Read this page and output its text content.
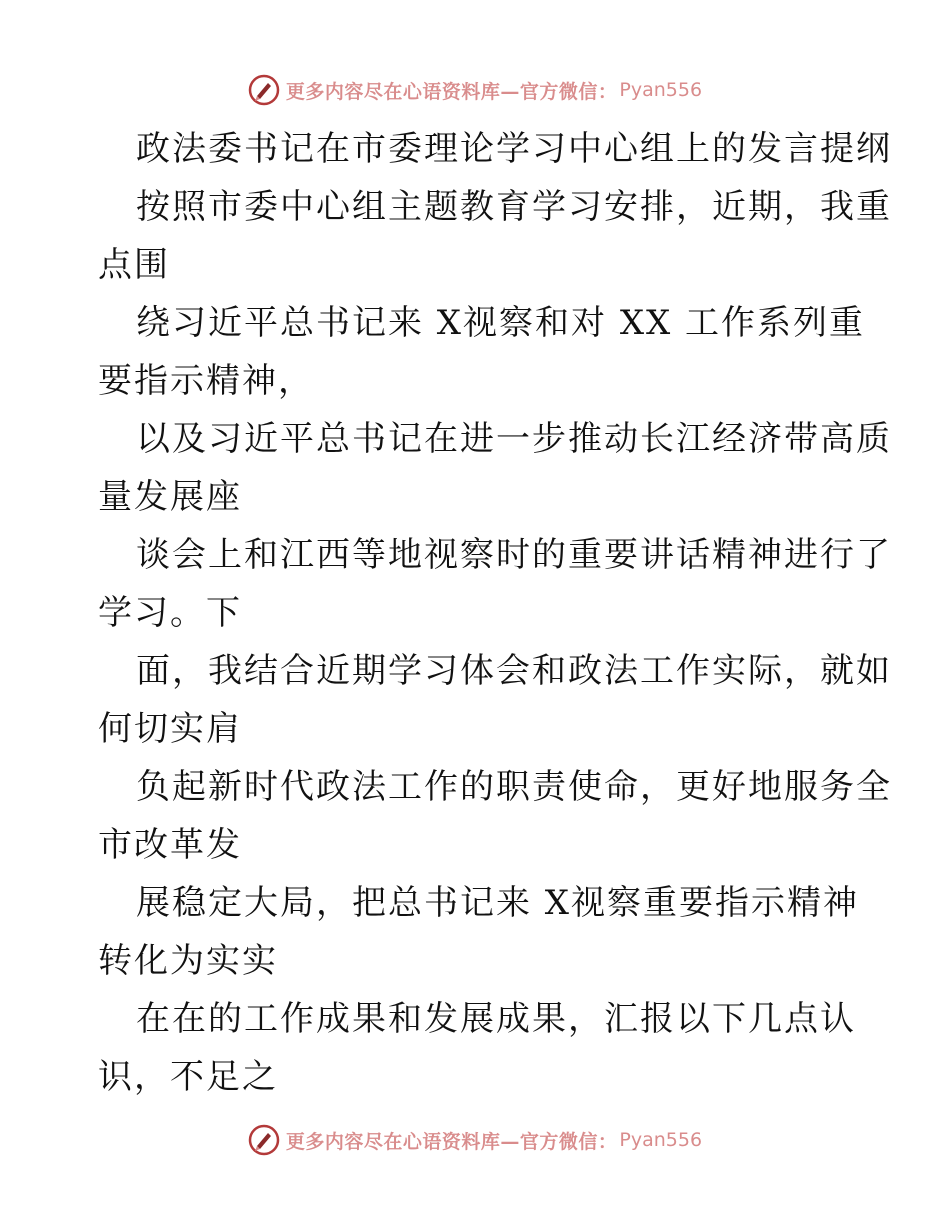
更多内容尽在心语资料库—官方微信： Pyan556
政法委书记在市委理论学习中心组上的发言提纲
按照市委中心组主题教育学习安排，近期，我重
点围
绕习近平总书记来 X视察和对 XX 工作系列重
要指示精神，
以及习近平总书记在进一步推动长江经济带高质
量发展座
谈会上和江西等地视察时的重要讲话精神进行了
学习。下
面，我结合近期学习体会和政法工作实际，就如
何切实肩
负起新时代政法工作的职责使命，更好地服务全
市改革发
展稳定大局，把总书记来 X视察重要指示精神
转化为实实
在在的工作成果和发展成果，汇报以下几点认
识，不足之
更多内容尽在心语资料库—官方微信： Pyan556
